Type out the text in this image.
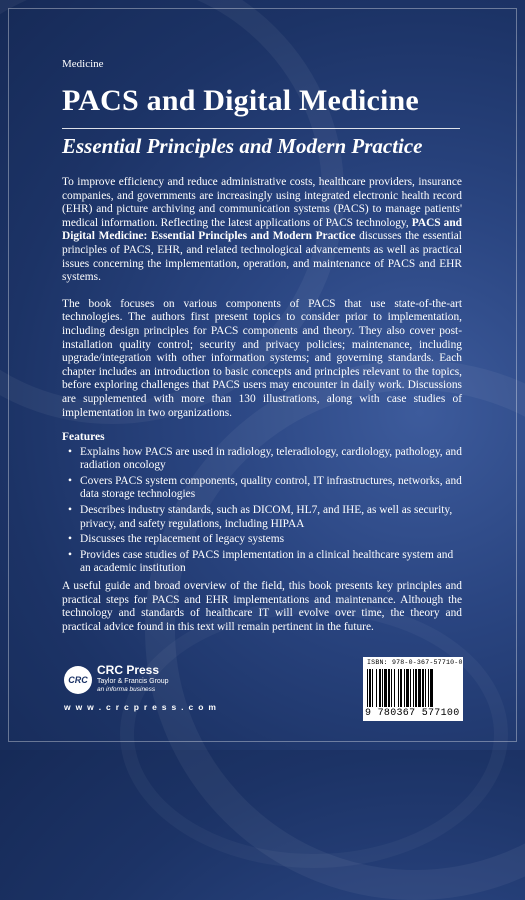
Medicine
PACS and Digital Medicine
Essential Principles and Modern Practice

To improve efficiency and reduce administrative costs, healthcare providers, insurance companies, and governments are increasingly using integrated electronic health record (EHR) and picture archiving and communication systems (PACS) to manage patients' medical information. Reflecting the latest applications of PACS technology, PACS and Digital Medicine: Essential Principles and Modern Practice discusses the essential principles of PACS, EHR, and related technological advancements as well as practical issues concerning the implementation, operation, and maintenance of PACS and EHR systems.

The book focuses on various components of PACS that use state-of-the-art technologies. The authors first present topics to consider prior to implementation, including design principles for PACS components and theory. They also cover post-installation quality control; security and privacy policies; maintenance, including upgrade/integration with other information systems; and governing standards. Each chapter includes an introduction to basic concepts and principles relevant to the topics, before exploring challenges that PACS users may encounter in daily work. Discussions are supplemented with more than 130 illustrations, along with case studies of implementation in two organizations.

Features
• Explains how PACS are used in radiology, teleradiology, cardiology, pathology, and radiation oncology
• Covers PACS system components, quality control, IT infrastructures, networks, and data storage technologies
• Describes industry standards, such as DICOM, HL7, and IHE, as well as security, privacy, and safety regulations, including HIPAA
• Discusses the replacement of legacy systems
• Provides case studies of PACS implementation in a clinical healthcare system and an academic institution

A useful guide and broad overview of the field, this book presents key principles and practical steps for PACS and EHR implementations and maintenance. Although the technology and standards of healthcare IT will evolve over time, the theory and practical advice found in this text will remain pertinent in the future.

CRC
CRC Press
Taylor & Francis Group
an informa business
w w w . c r c p r e s s . c o m
ISBN: 978-0-367-57710-0
9 780367 577100
